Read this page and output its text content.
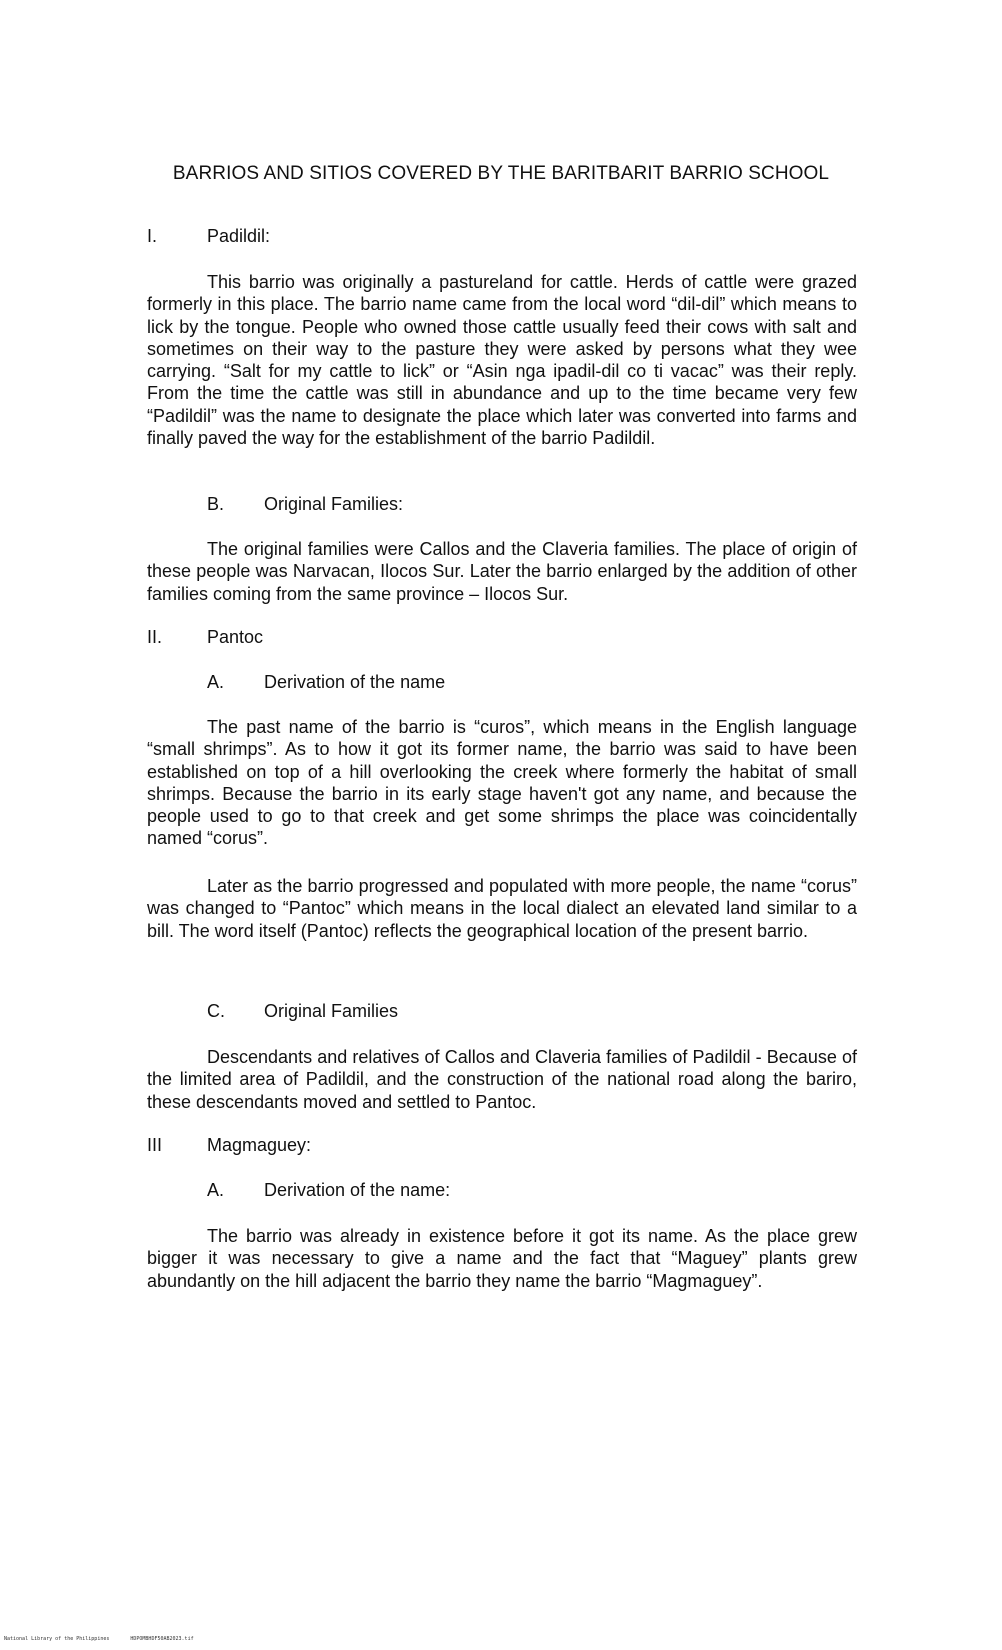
BARRIOS AND SITIOS COVERED BY THE BARITBARIT BARRIO SCHOOL
I.	Padildil:

This barrio was originally a pastureland for cattle. Herds of cattle were grazed formerly in this place. The barrio name came from the local word “dil-dil” which means to lick by the tongue. People who owned those cattle usually feed their cows with salt and sometimes on their way to the pasture they were asked by persons what they wee carrying. “Salt for my cattle to lick” or “Asin nga ipadil-dil co ti vacac” was their reply. From the time the cattle was still in abundance and up to the time became very few “Padildil” was the name to designate the place which later was converted into farms and finally paved the way for the establishment of the barrio Padildil.

B. Original Families:

The original families were Callos and the Claveria families. The place of origin of these people was Narvacan, Ilocos Sur. Later the barrio enlarged by the addition of other families coming from the same province – Ilocos Sur.

II. Pantoc
A. Derivation of the name

The past name of the barrio is “curos”, which means in the English language “small shrimps”. As to how it got its former name, the barrio was said to have been established on top of a hill overlooking the creek where formerly the habitat of small shrimps. Because the barrio in its early stage haven't got any name, and because the people used to go to that creek and get some shrimps the place was coincidentally named “corus”.

Later as the barrio progressed and populated with more people, the name “corus” was changed to “Pantoc” which means in the local dialect an elevated land similar to a bill. The word itself (Pantoc) reflects the geographical location of the present barrio.

C. Original Families

Descendants and relatives of Callos and Claveria families of Padildil - Because of the limited area of Padildil, and the construction of the national road along the bariro, these descendants moved and settled to Pantoc.

III Magmaguey:
A. Derivation of the name:

The barrio was already in existence before it got its name. As the place grew bigger it was necessary to give a name and the fact that “Maguey” plants grew abundantly on the hill adjacent the barrio they name the barrio “Magmaguey”.

National Library of the Philippines	HDPOMBHDF50AB2023.tif
